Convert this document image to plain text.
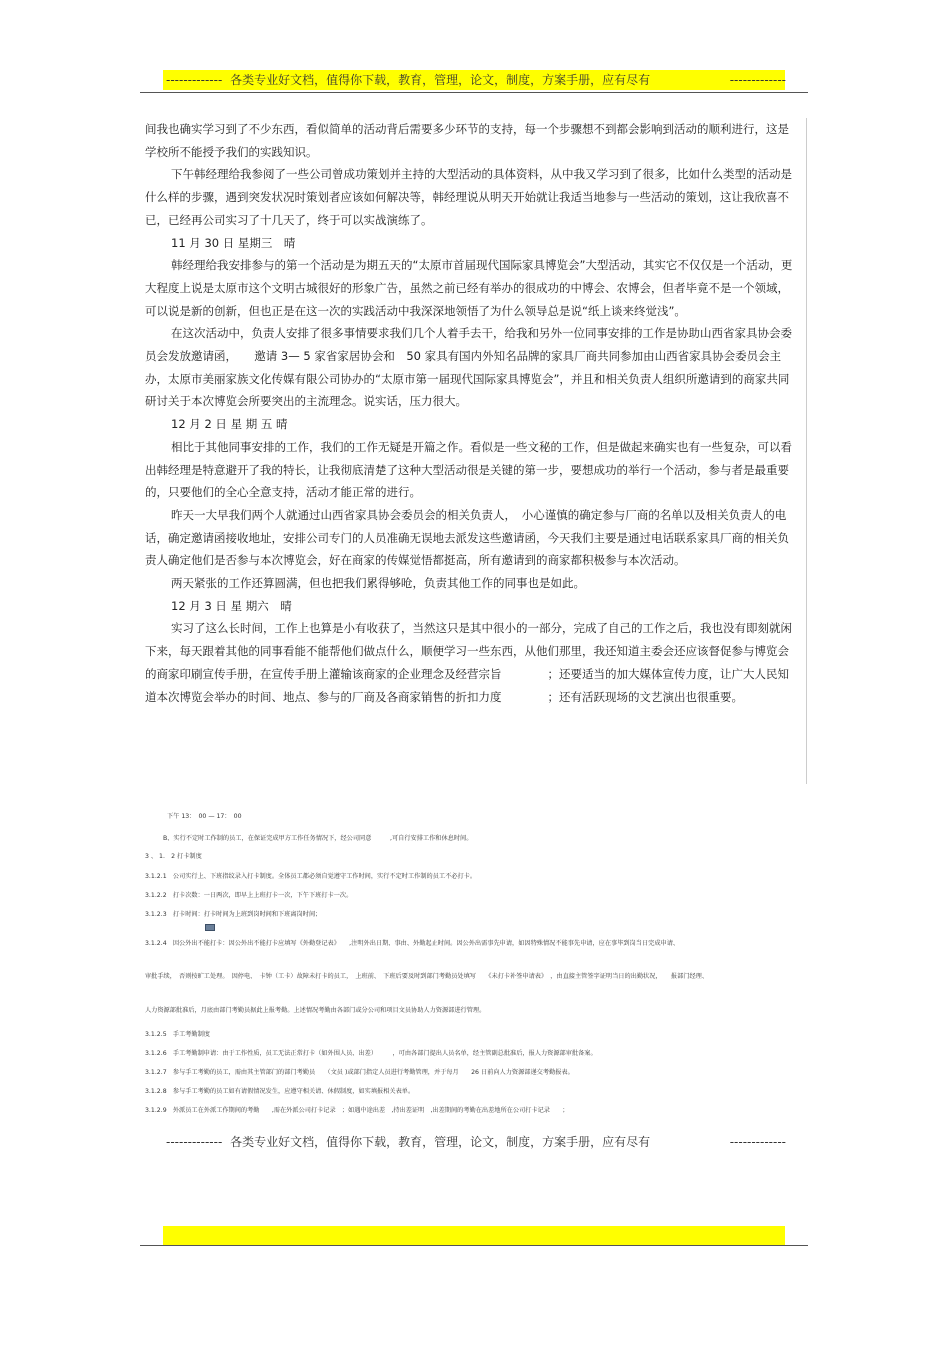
------------- 各类专业好文档，值得你下载，教育，管理，论文，制度，方案手册，应有尽有	-------------

间我也确实学习到了不少东西，看似简单的活动背后需要多少环节的支持，每一个步骤想不到都会影响到活动的顺利进行，这是学校所不能授予我们的实践知识。

下午韩经理给我参阅了一些公司曾成功策划并主持的大型活动的具体资料，从中我又学习到了很多，比如什么类型的活动是什么样的步骤，遇到突发状况时策划者应该如何解决等，韩经理说从明天开始就让我适当地参与一些活动的策划，这让我欣喜不已，已经再公司实习了十几天了，终于可以实战演练了。

11 月 30 日 星期三　晴

韩经理给我安排参与的第一个活动是为期五天的“太原市首届现代国际家具博览会”大型活动，其实它不仅仅是一个活动，更大程度上说是太原市这个文明古城很好的形象广告，虽然之前已经有举办的很成功的中博会、农博会，但者毕竟不是一个领域，可以说是新的创新，但也正是在这一次的实践活动中我深深地领悟了为什么领导总是说“纸上谈来终觉浅”。

在这次活动中，负责人安排了很多事情要求我们几个人着手去干，给我和另外一位同事安排的工作是协助山西省家具协会委员会发放邀请函，　　邀请 3— 5 家省家居协会和　50 家具有国内外知名品牌的家具厂商共同参加由山西省家具协会委员会主办，太原市美丽家族文化传媒有限公司协办的“太原市第一届现代国际家具博览会”，并且和相关负责人组织所邀请到的商家共同研讨关于本次博览会所要突出的主流理念。说实话，压力很大。

12 月 2 日 星 期 五 晴

相比于其他同事安排的工作，我们的工作无疑是开篇之作。看似是一些文秘的工作，但是做起来确实也有一些复杂，可以看出韩经理是特意避开了我的特长，让我彻底清楚了这种大型活动很是关键的第一步，要想成功的举行一个活动，参与者是最重要的，只要他们的全心全意支持，活动才能正常的进行。

昨天一大早我们两个人就通过山西省家具协会委员会的相关负责人，　小心谨慎的确定参与厂商的名单以及相关负责人的电话，确定邀请函接收地址，安排公司专门的人员准确无误地去派发这些邀请函，今天我们主要是通过电话联系家具厂商的相关负责人确定他们是否参与本次博览会，好在商家的传媒觉悟都挺高，所有邀请到的商家都积极参与本次活动。

两天紧张的工作还算圆满，但也把我们累得够呛，负责其他工作的同事也是如此。

12 月 3 日 星 期六　晴

实习了这么长时间，工作上也算是小有收获了，当然这只是其中很小的一部分，完成了自己的工作之后，我也没有即刻就闲下来，每天跟着其他的同事看能不能帮他们做点什么，顺便学习一些东西，从他们那里，我还知道主委会还应该督促参与博览会的商家印刷宣传手册，在宣传手册上灌输该商家的企业理念及经营宗旨　　　　；还要适当的加大媒体宣传力度，让广大人民知道本次博览会举办的时间、地点、参与的厂商及各商家销售的折扣力度　　　　；还有活跃现场的文艺演出也很重要。

下午 13：　00 — 17：　00
B、实行不定时工作制的员工，在保证完成甲方工作任务情况下，经公司同意　　　,可自行安排工作和休息时间。
3 、 1.　2 打卡制度
3.1.2.1　公司实行上、下班指纹录入打卡制度。全体员工都必须自觉遵守工作时间，实行不定时工作制的员工不必打卡。
3.1.2.2　打卡次数：一日两次，即早上上班打卡一次，下午下班打卡一次。
3.1.2.3　打卡时间：打卡时间为上班到岗时间和下班离岗时间；
3.1.2.4　因公外出不能打卡：因公外出不能打卡应填写《外勤登记表》　　,注明外出日期、事由、外勤起止时间。因公外出需事先申请，如因特殊情况不能事先申请，应在事毕到岗当日完成申请、
审批手续，　否则按旷工处理。　因停电、　卡钟（工卡）故障未打卡的员工，　上班前、　下班后要及时到部门考勤员处填写　　《未打卡补签申请表》　，由直接主管签字证明当日的出勤状况，　　报部门经理、
人力资源部批准后，月底由部门考勤员据此上报考勤。上述情况考勤由各部门或分公司和项目文员协助人力资源部进行管理。
3.1.2.5　手工考勤制度
3.1.2.6　手工考勤制申请：由于工作性质，员工无法正常打卡（如外围人员、出差）　　　，可由各部门提出人员名单，经主管副总批准后，报人力资源部审批备案。
3.1.2.7　参与手工考勤的员工，需由其主管部门的部门考勤员　　（文员 )或部门指定人员进行考勤管理，并于每月　　26 日前向人力资源部递交考勤报表。
3.1.2.8　参与手工考勤的员工如有请假情况发生，应遵守相关请、休假制度，如实填报相关表单。
3.1.2.9　外派员工在外派工作期间的考勤　　,需在外派公司打卡记录　；如遇中途出差　,持出差证明　,出差期间的考勤在出差地所在公司打卡记录　　；
------------- 各类专业好文档，值得你下载，教育，管理，论文，制度，方案手册，应有尽有	-------------
